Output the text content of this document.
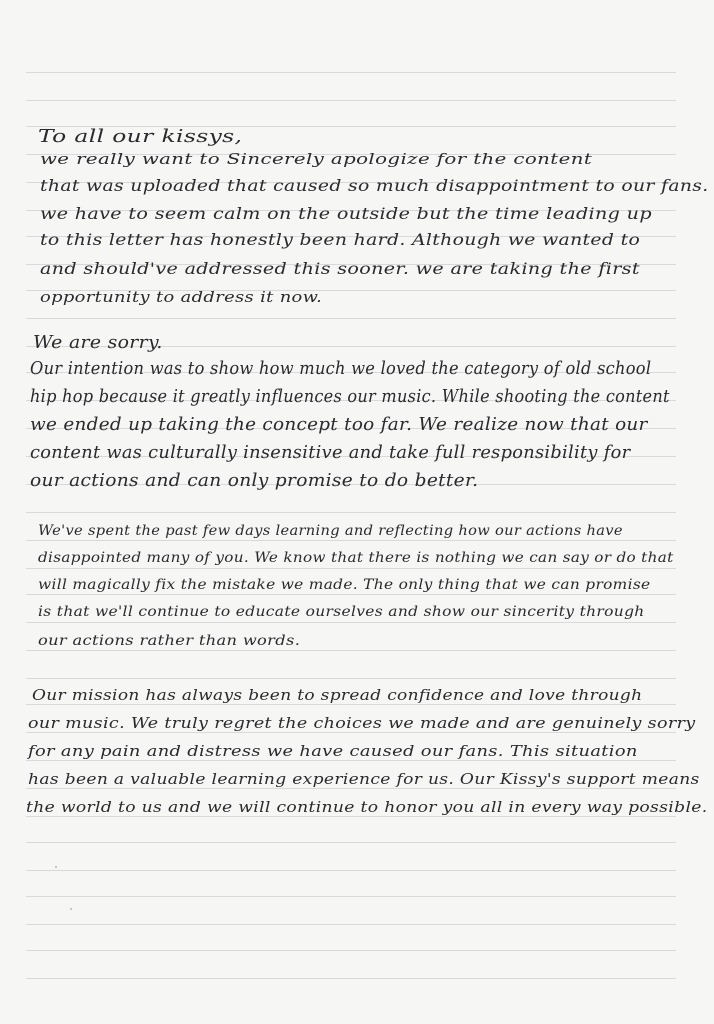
To all our kissys,
we really want to Sincerely apologize for the content
that was uploaded that caused so much disappointment to our fans.
we have to seem calm on the outside but the time leading up
to this letter has honestly been hard. Although we wanted to
and should've addressed this sooner. we are taking the first
opportunity to address it now.
We are sorry.
Our intention was to show how much we loved the category of old school
hip hop because it greatly influences our music. While shooting the content
we ended up taking the concept too far. We realize now that our
content was culturally insensitive and take full responsibility for
our actions and can only promise to do better.
We've spent the past few days learning and reflecting how our actions have
disappointed many of you. We know that there is nothing we can say or do that
will magically fix the mistake we made. The only thing that we can promise
is that we'll continue to educate ourselves and show our sincerity through
our actions rather than words.
Our mission has always been to spread confidence and love through
our music. We truly regret the choices we made and are genuinely sorry
for any pain and distress we have caused our fans. This situation
has been a valuable learning experience for us. Our Kissy's support means
the world to us and we will continue to honor you all in every way possible.
